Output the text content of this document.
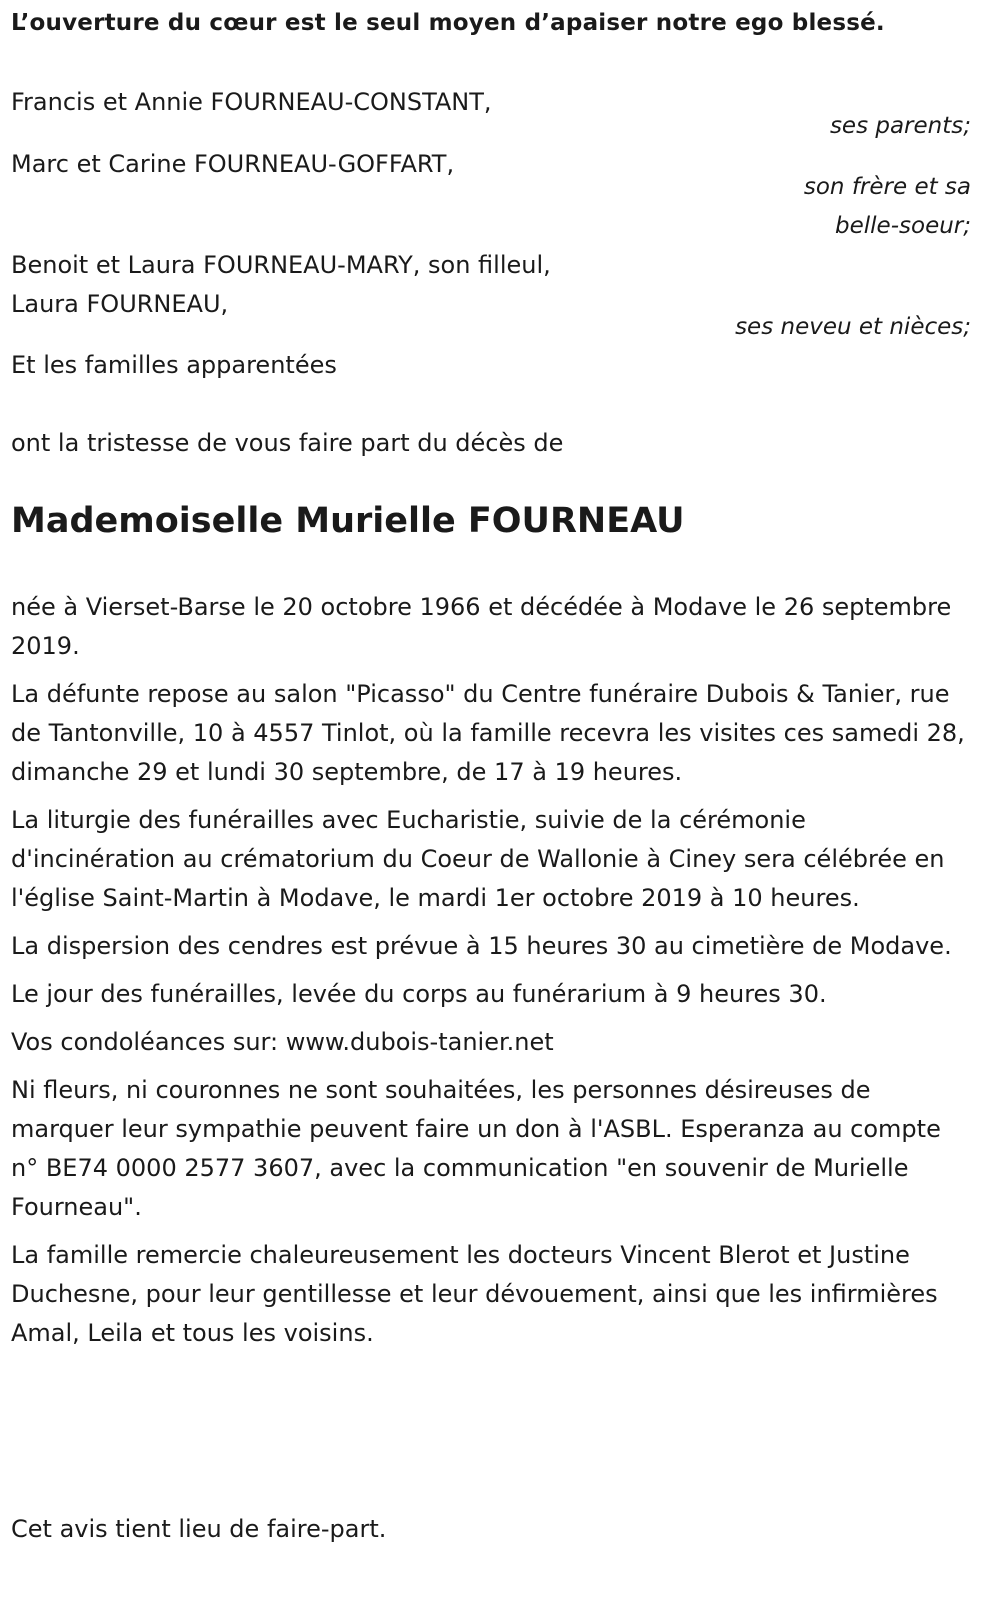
L’ouverture du cœur est le seul moyen d’apaiser notre ego blessé.
Francis et Annie FOURNEAU-CONSTANT,
ses parents;
Marc et Carine FOURNEAU-GOFFART,
son frère et sa
belle-soeur;
Benoit et Laura FOURNEAU-MARY, son filleul,
Laura FOURNEAU,
ses neveu et nièces;
Et les familles apparentées
ont la tristesse de vous faire part du décès de
Mademoiselle Murielle FOURNEAU

née à Vierset-Barse le 20 octobre 1966 et décédée à Modave le 26 septembre 2019.

La défunte repose au salon "Picasso" du Centre funéraire Dubois & Tanier, rue de Tantonville, 10 à 4557 Tinlot, où la famille recevra les visites ces samedi 28, dimanche 29 et lundi 30 septembre, de 17 à 19 heures.

La liturgie des funérailles avec Eucharistie, suivie de la cérémonie d'incinération au crématorium du Coeur de Wallonie à Ciney sera célébrée en l'église Saint-Martin à Modave, le mardi 1er octobre 2019 à 10 heures.

La dispersion des cendres est prévue à 15 heures 30 au cimetière de Modave.

Le jour des funérailles, levée du corps au funérarium à 9 heures 30.

Vos condoléances sur: www.dubois-tanier.net

Ni fleurs, ni couronnes ne sont souhaitées, les personnes désireuses de marquer leur sympathie peuvent faire un don à l'ASBL. Esperanza au compte n° BE74 0000 2577 3607, avec la communication "en souvenir de Murielle Fourneau".

La famille remercie chaleureusement les docteurs Vincent Blerot et Justine Duchesne, pour leur gentillesse et leur dévouement, ainsi que les infirmières Amal, Leila et tous les voisins.

Cet avis tient lieu de faire-part.
